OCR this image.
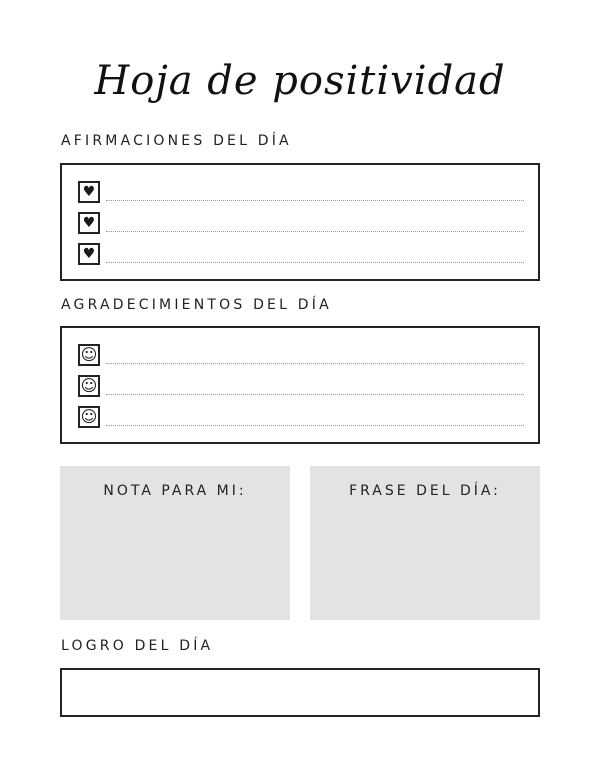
Hoja de positividad
AFIRMACIONES DEL DÍA
♥
♥
♥
AGRADECIMIENTOS DEL DÍA
☺
☺
☺
NOTA PARA MI:	FRASE DEL DÍA:
LOGRO DEL DÍA
